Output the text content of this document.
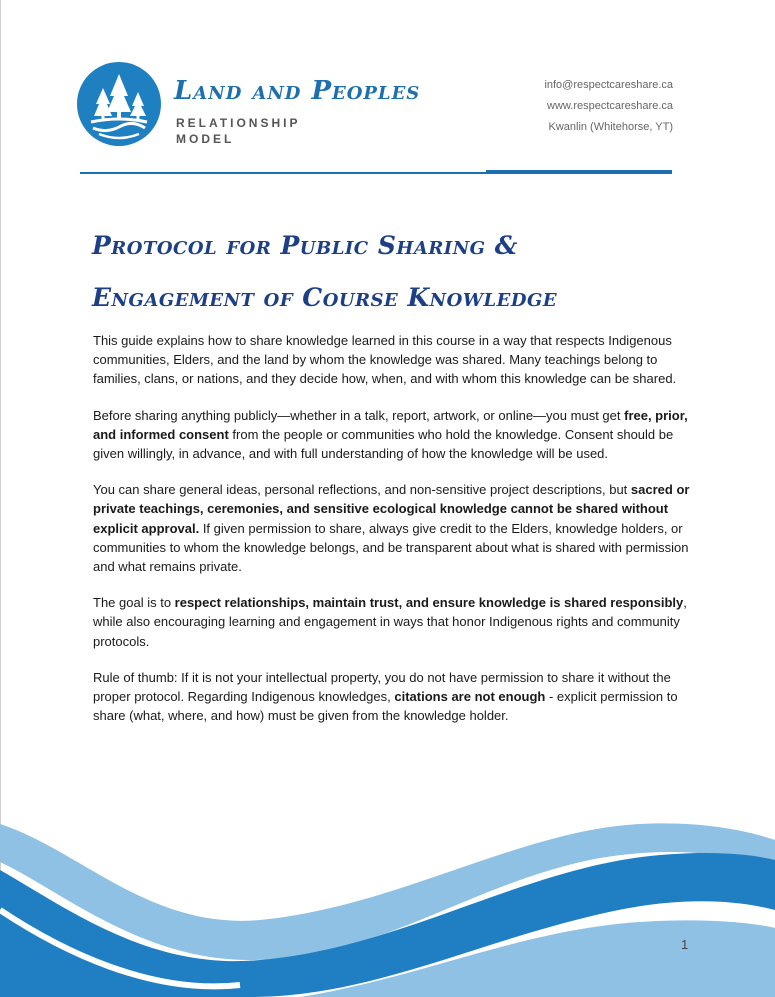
Land and Peoples
RELATIONSHIP MODEL
info@respectcareshare.ca
www.respectcareshare.ca
Kwanlin (Whitehorse, YT)
Protocol for Public Sharing &
Engagement of Course Knowledge

This guide explains how to share knowledge learned in this course in a way that respects Indigenous communities, Elders, and the land by whom the knowledge was shared. Many teachings belong to families, clans, or nations, and they decide how, when, and with whom this knowledge can be shared.

Before sharing anything publicly—whether in a talk, report, artwork, or online—you must get free, prior, and informed consent from the people or communities who hold the knowledge. Consent should be given willingly, in advance, and with full understanding of how the knowledge will be used.

You can share general ideas, personal reflections, and non-sensitive project descriptions, but sacred or private teachings, ceremonies, and sensitive ecological knowledge cannot be shared without explicit approval. If given permission to share, always give credit to the Elders, knowledge holders, or communities to whom the knowledge belongs, and be transparent about what is shared with permission and what remains private.

The goal is to respect relationships, maintain trust, and ensure knowledge is shared responsibly, while also encouraging learning and engagement in ways that honor Indigenous rights and community protocols.

Rule of thumb: If it is not your intellectual property, you do not have permission to share it without the proper protocol. Regarding Indigenous knowledges, citations are not enough - explicit permission to share (what, where, and how) must be given from the knowledge holder.

1
